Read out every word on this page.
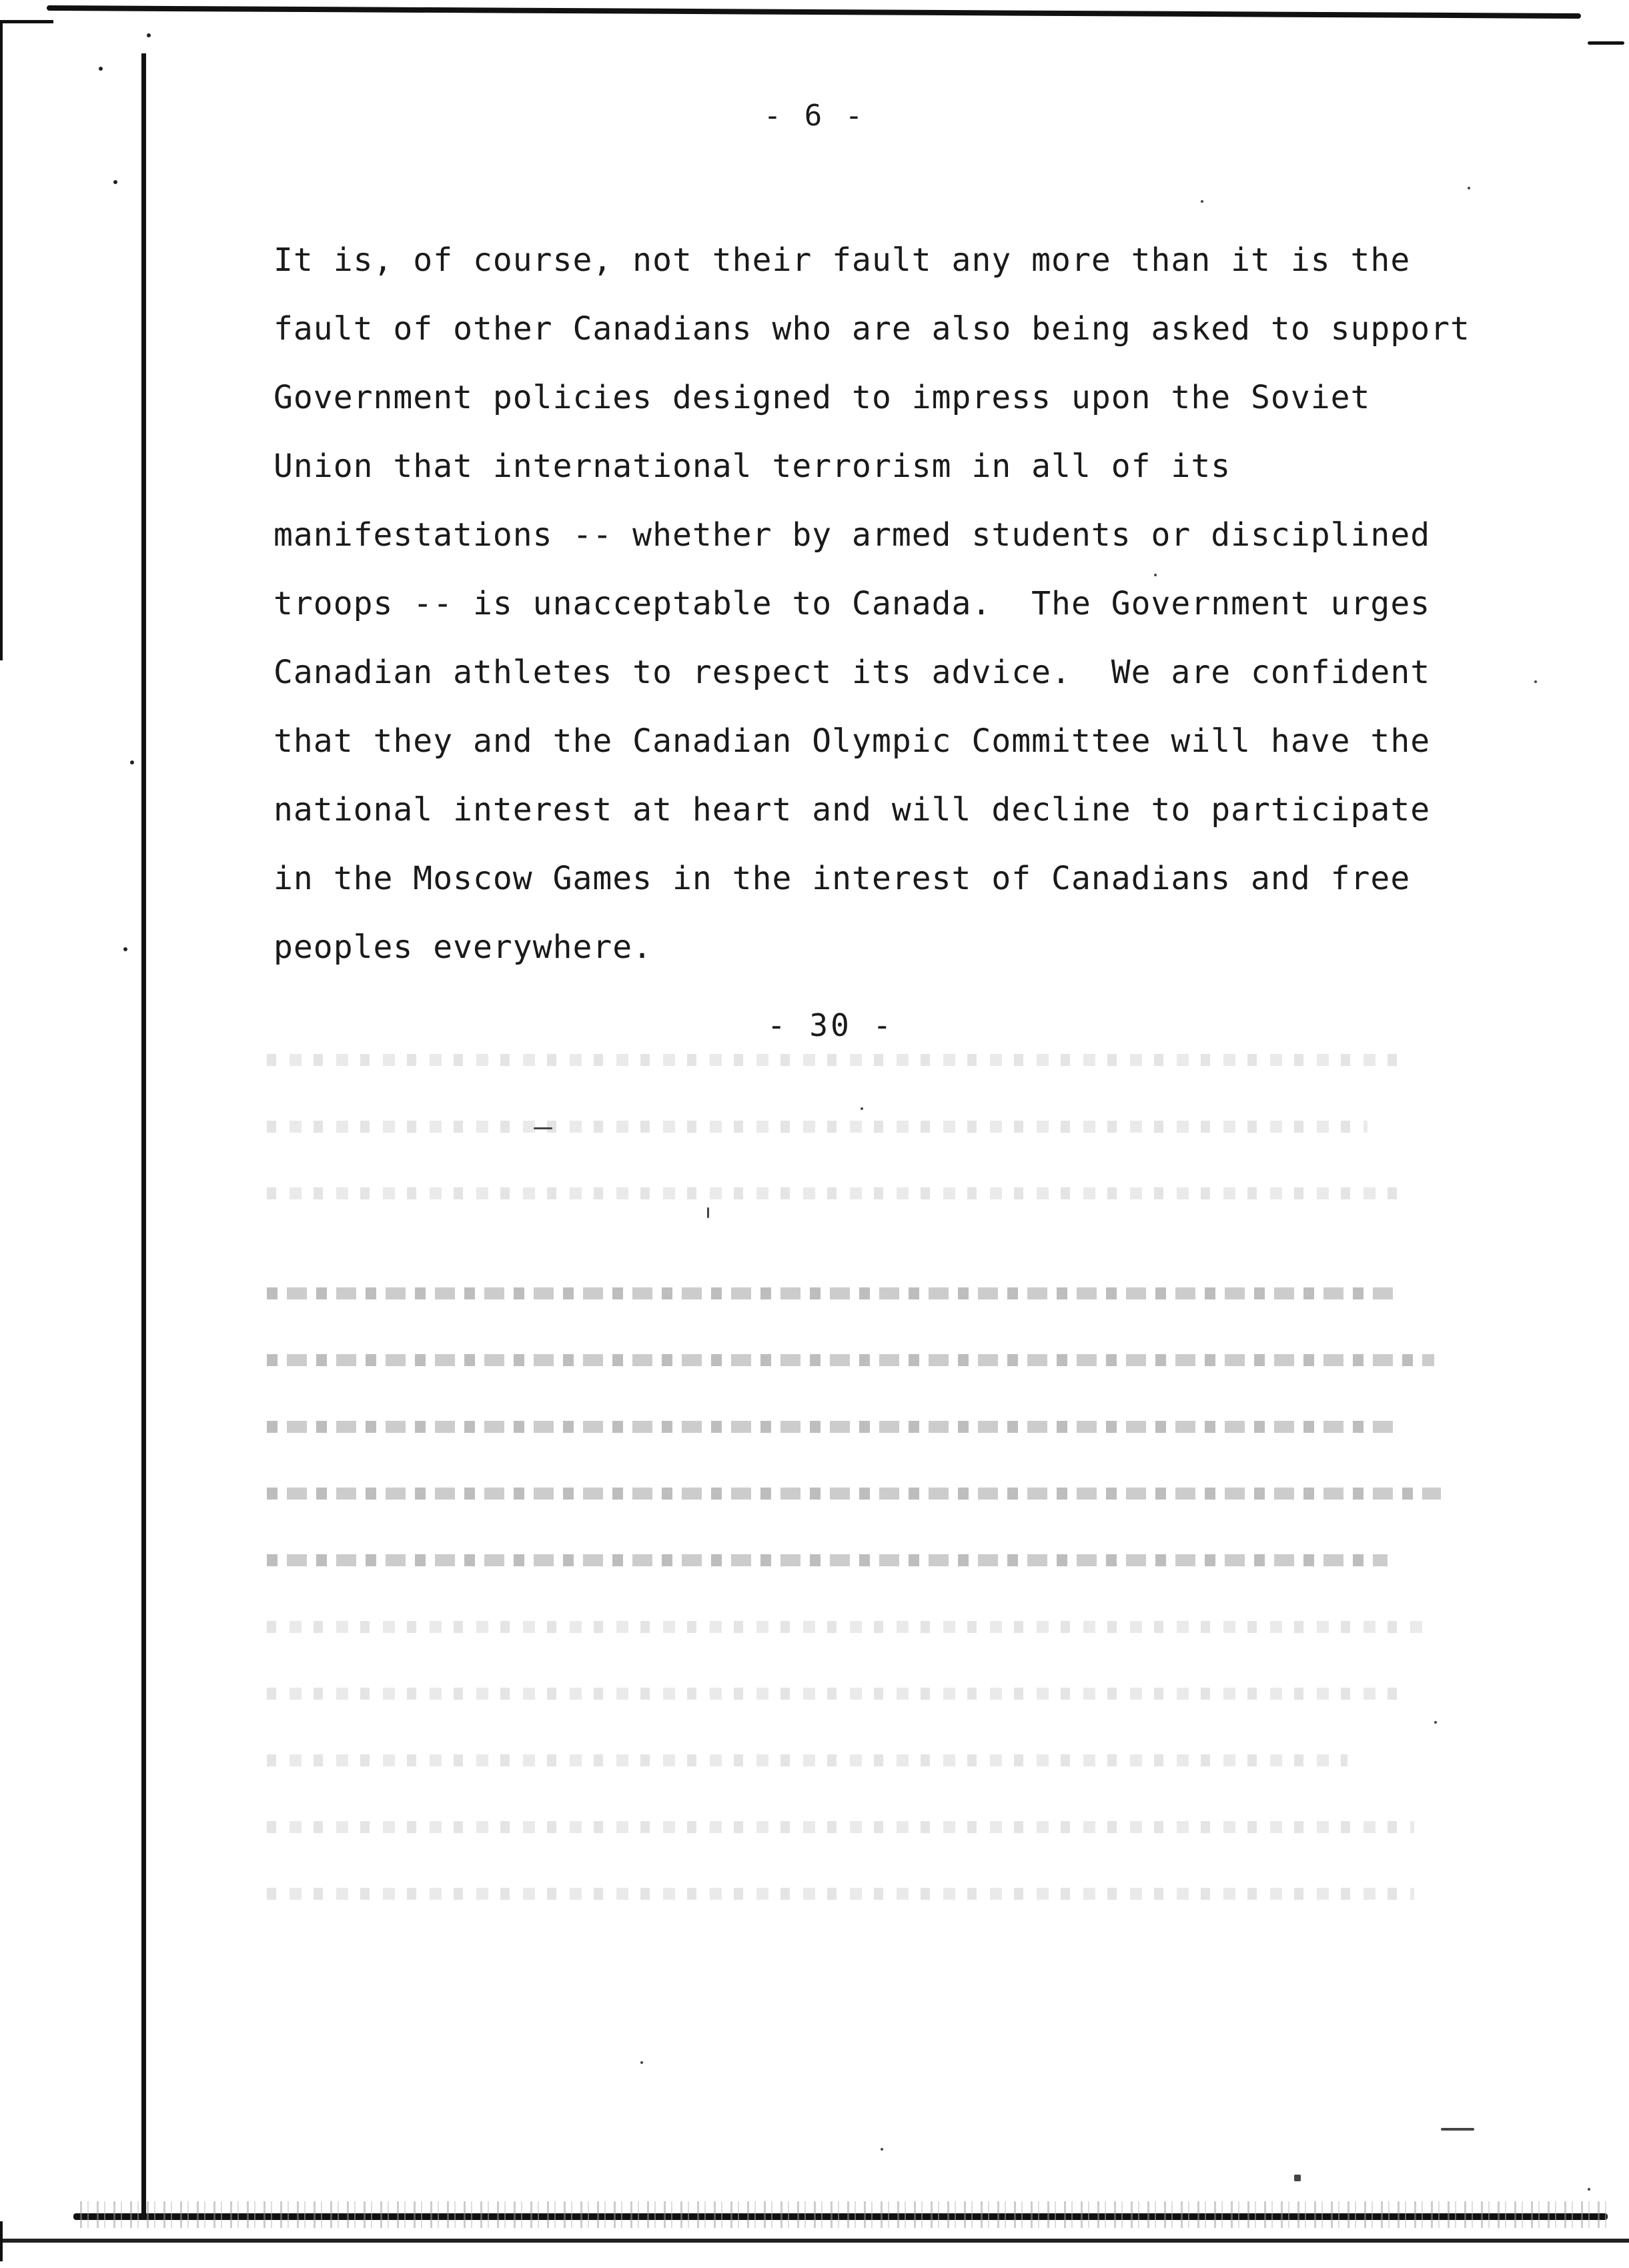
- 6 -
It is, of course, not their fault any more than it is the
fault of other Canadians who are also being asked to support
Government policies designed to impress upon the Soviet
Union that international terrorism in all of its
manifestations -- whether by armed students or disciplined
troops -- is unacceptable to Canada.  The Government urges
Canadian athletes to respect its advice.  We are confident
that they and the Canadian Olympic Committee will have the
national interest at heart and will decline to participate
in the Moscow Games in the interest of Canadians and free
peoples everywhere.
- 30 -
